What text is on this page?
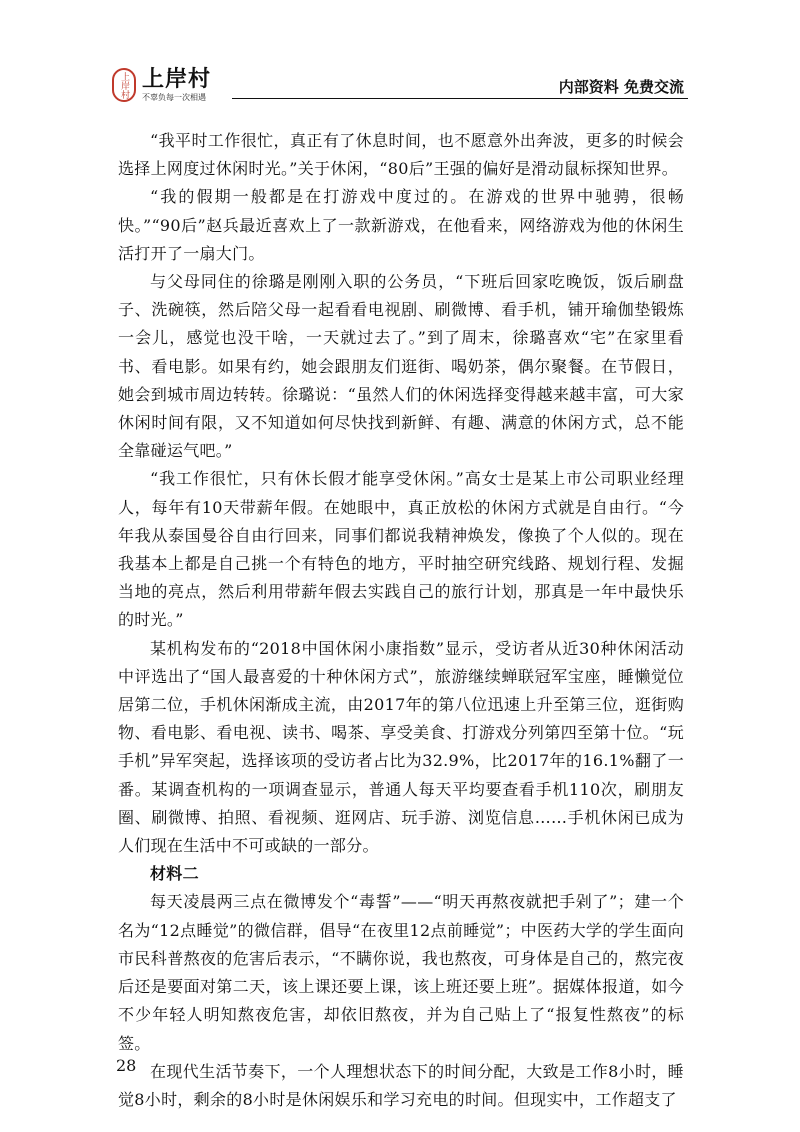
上岸村 上岸村
不辜负每一次相遇
内部资料 免费交流

“我平时工作很忙，真正有了休息时间，也不愿意外出奔波，更多的时候会选择上网度过休闲时光。”关于休闲，“80后”王强的偏好是滑动鼠标探知世界。

“我的假期一般都是在打游戏中度过的。在游戏的世界中驰骋，很畅快。”“90后”赵兵最近喜欢上了一款新游戏，在他看来，网络游戏为他的休闲生活打开了一扇大门。

与父母同住的徐璐是刚刚入职的公务员，“下班后回家吃晚饭，饭后刷盘子、洗碗筷，然后陪父母一起看看电视剧、刷微博、看手机，铺开瑜伽垫锻炼一会儿，感觉也没干啥，一天就过去了。”到了周末，徐璐喜欢“宅”在家里看书、看电影。如果有约，她会跟朋友们逛街、喝奶茶，偶尔聚餐。在节假日，她会到城市周边转转。徐璐说：“虽然人们的休闲选择变得越来越丰富，可大家休闲时间有限，又不知道如何尽快找到新鲜、有趣、满意的休闲方式，总不能全靠碰运气吧。”

“我工作很忙，只有休长假才能享受休闲。”高女士是某上市公司职业经理人，每年有10天带薪年假。在她眼中，真正放松的休闲方式就是自由行。“今年我从泰国曼谷自由行回来，同事们都说我精神焕发，像换了个人似的。现在我基本上都是自己挑一个有特色的地方，平时抽空研究线路、规划行程、发掘当地的亮点，然后利用带薪年假去实践自己的旅行计划，那真是一年中最快乐的时光。”

某机构发布的“2018中国休闲小康指数”显示，受访者从近30种休闲活动中评选出了“国人最喜爱的十种休闲方式”，旅游继续蝉联冠军宝座，睡懒觉位居第二位，手机休闲渐成主流，由2017年的第八位迅速上升至第三位，逛街购物、看电影、看电视、读书、喝茶、享受美食、打游戏分列第四至第十位。“玩手机”异军突起，选择该项的受访者占比为32.9%，比2017年的16.1%翻了一番。某调查机构的一项调查显示，普通人每天平均要查看手机110次，刷朋友圈、刷微博、拍照、看视频、逛网店、玩手游、浏览信息……手机休闲已成为人们现在生活中不可或缺的一部分。

材料二

每天凌晨两三点在微博发个“毒誓”——“明天再熬夜就把手剁了”；建一个名为“12点睡觉”的微信群，倡导“在夜里12点前睡觉”；中医药大学的学生面向市民科普熬夜的危害后表示，“不瞒你说，我也熬夜，可身体是自己的，熬完夜后还是要面对第二天，该上课还要上课，该上班还要上班”。据媒体报道，如今不少年轻人明知熬夜危害，却依旧熬夜，并为自己贴上了“报复性熬夜”的标签。

在现代生活节奏下，一个人理想状态下的时间分配，大致是工作8小时，睡觉8小时，剩余的8小时是休闲娱乐和学习充电的时间。但现实中，工作超支了

28
